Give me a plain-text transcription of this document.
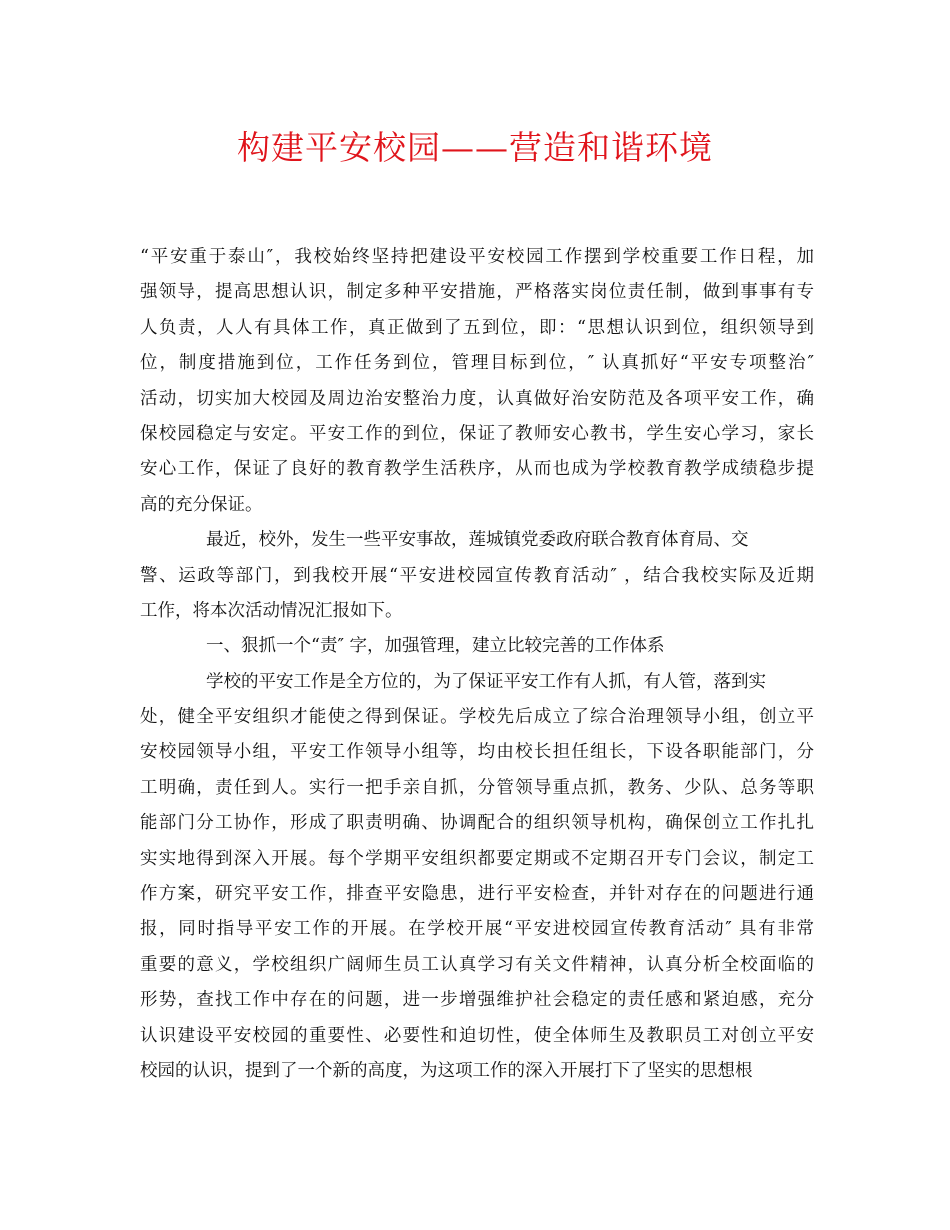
构建平安校园——营造和谐环境
“平安重于泰山″，我校始终坚持把建设平安校园工作摆到学校重要工作日程，加
强领导，提高思想认识，制定多种平安措施，严格落实岗位责任制，做到事事有专
人负责，人人有具体工作，真正做到了五到位，即：“思想认识到位，组织领导到
位，制度措施到位，工作任务到位，管理目标到位，″ 认真抓好“平安专项整治″
活动，切实加大校园及周边治安整治力度，认真做好治安防范及各项平安工作，确
保校园稳定与安定。平安工作的到位，保证了教师安心教书，学生安心学习，家长
安心工作，保证了良好的教育教学生活秩序，从而也成为学校教育教学成绩稳步提
高的充分保证。
最近，校外，发生一些平安事故，莲城镇党委政府联合教育体育局、交
警、运政等部门，到我校开展“平安进校园宣传教育活动″ ，结合我校实际及近期
工作，将本次活动情况汇报如下。
一、狠抓一个“责″ 字，加强管理，建立比较完善的工作体系
学校的平安工作是全方位的，为了保证平安工作有人抓，有人管，落到实
处，健全平安组织才能使之得到保证。学校先后成立了综合治理领导小组，创立平
安校园领导小组，平安工作领导小组等，均由校长担任组长，下设各职能部门，分
工明确，责任到人。实行一把手亲自抓，分管领导重点抓，教务、少队、总务等职
能部门分工协作，形成了职责明确、协调配合的组织领导机构，确保创立工作扎扎
实实地得到深入开展。每个学期平安组织都要定期或不定期召开专门会议，制定工
作方案，研究平安工作，排查平安隐患，进行平安检查，并针对存在的问题进行通
报，同时指导平安工作的开展。在学校开展“平安进校园宣传教育活动″ 具有非常
重要的意义，学校组织广阔师生员工认真学习有关文件精神，认真分析全校面临的
形势，查找工作中存在的问题，进一步增强维护社会稳定的责任感和紧迫感，充分
认识建设平安校园的重要性、必要性和迫切性，使全体师生及教职员工对创立平安
校园的认识，提到了一个新的高度，为这项工作的深入开展打下了坚实的思想根
